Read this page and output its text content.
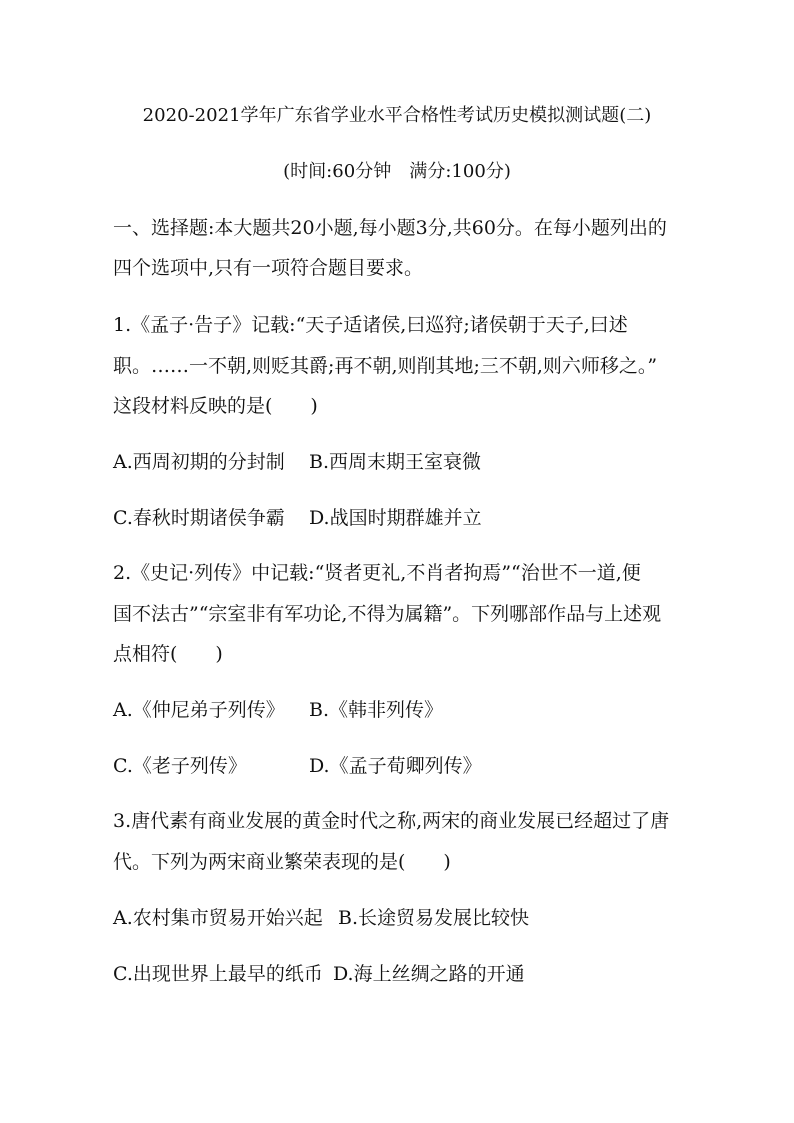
2020-2021学年广东省学业水平合格性考试历史模拟测试题(二)
(时间:60分钟　满分:100分)
一、选择题:本大题共20小题,每小题3分,共60分。在每小题列出的
四个选项中,只有一项符合题目要求。
1.《孟子·告子》记载:“天子适诸侯,曰巡狩;诸侯朝于天子,曰述
职。……一不朝,则贬其爵;再不朝,则削其地;三不朝,则六师移之。”
这段材料反映的是(　　)
A.西周初期的分封制 B.西周末期王室衰微
C.春秋时期诸侯争霸 D.战国时期群雄并立
2.《史记·列传》中记载:“贤者更礼,不肖者拘焉”“治世不一道,便
国不法古”“宗室非有军功论,不得为属籍”。下列哪部作品与上述观
点相符(　　)
A.《仲尼弟子列传》 B.《韩非列传》
C.《老子列传》	D.《孟子荀卿列传》
3.唐代素有商业发展的黄金时代之称,两宋的商业发展已经超过了唐
代。下列为两宋商业繁荣表现的是(　　)
A.农村集市贸易开始兴起 B.长途贸易发展比较快
C.出现世界上最早的纸币 D.海上丝绸之路的开通
